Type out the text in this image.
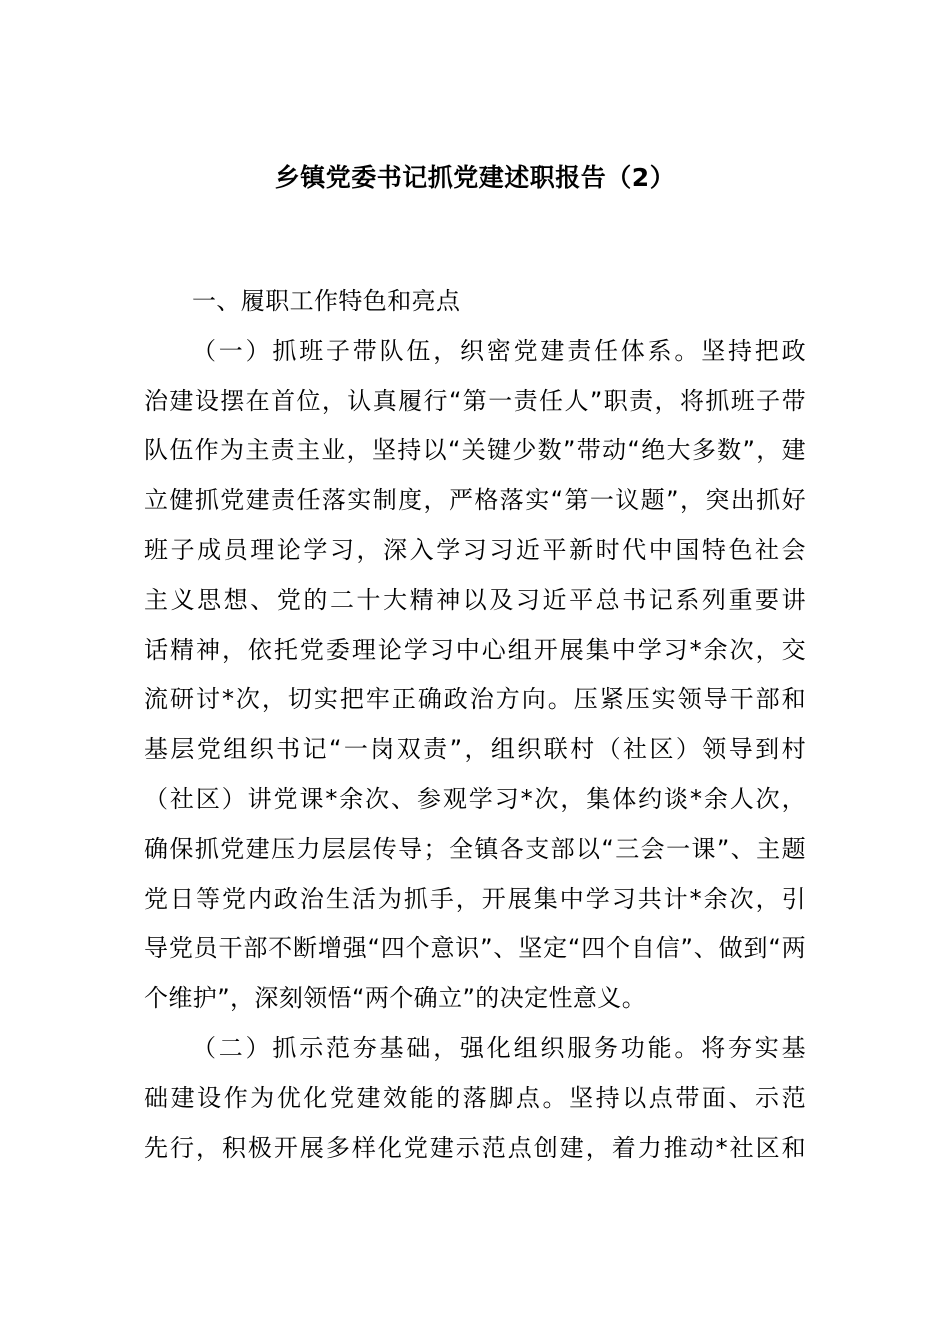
乡镇党委书记抓党建述职报告（2）
一、履职工作特色和亮点
（一）抓班子带队伍，织密党建责任体系。坚持把政
治建设摆在首位，认真履行“第一责任人”职责，将抓班子带
队伍作为主责主业，坚持以“关键少数”带动“绝大多数”，建
立健抓党建责任落实制度，严格落实“第一议题”，突出抓好
班子成员理论学习，深入学习习近平新时代中国特色社会
主义思想、党的二十大精神以及习近平总书记系列重要讲
话精神，依托党委理论学习中心组开展集中学习*余次，交
流研讨*次，切实把牢正确政治方向。压紧压实领导干部和
基层党组织书记“一岗双责”，组织联村（社区）领导到村
（社区）讲党课*余次、参观学习*次，集体约谈*余人次，
确保抓党建压力层层传导；全镇各支部以“三会一课”、主题
党日等党内政治生活为抓手，开展集中学习共计*余次，引
导党员干部不断增强“四个意识”、坚定“四个自信”、做到“两
个维护”，深刻领悟“两个确立”的决定性意义。
（二）抓示范夯基础，强化组织服务功能。将夯实基
础建设作为优化党建效能的落脚点。坚持以点带面、示范
先行，积极开展多样化党建示范点创建，着力推动*社区和
